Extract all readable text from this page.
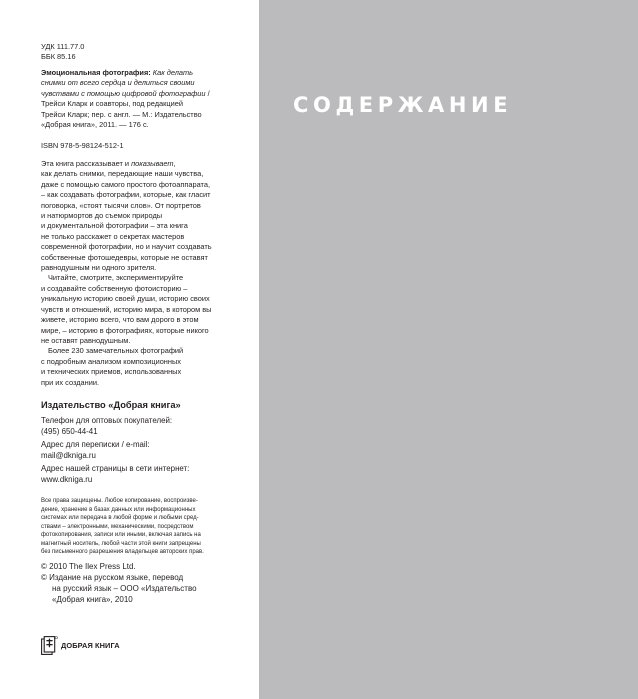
УДК 111.77.0
ББК 85.16
Эмоциональная фотография: Как делать
снимки от всего сердца и делиться своими
чувствами с помощью цифровой фотографии /
Трейси Кларк и соавторы, под редакцией
Трейси Кларк; пер. с англ. — М.: Издательство
«Добрая книга», 2011. — 176 с.
ISBN 978-5-98124-512-1
Эта книга рассказывает и показывает,
как делать снимки, передающие наши чувства,
даже с помощью самого простого фотоаппарата,
– как создавать фотографии, которые, как гласит
поговорка, «стоят тысячи слов». От портретов
и натюрмортов до съемок природы
и документальной фотографии – эта книга
не только расскажет о секретах мастеров
современной фотографии, но и научит создавать
собственные фотошедевры, которые не оставят
равнодушным ни одного зрителя.
Читайте, смотрите, экспериментируйте
и создавайте собственную фотоисторию –
уникальную историю своей души, историю своих
чувств и отношений, историю мира, в котором вы
живете, историю всего, что вам дорого в этом
мире, – историю в фотографиях, которые никого
не оставят равнодушным.
Более 230 замечательных фотографий
с подробным анализом композиционных
и технических приемов, использованных
при их создании.

Издательство «Добрая книга»

Телефон для оптовых покупателей:
(495) 650-44-41
Адрес для переписки / e-mail:
mail@dkniga.ru
Адрес нашей страницы в сети интернет:
www.dkniga.ru
Все права защищены. Любое копирование, воспроизве-
дение, хранение в базах данных или информационных
системах или передача в любой форме и любыми сред-
ствами – электронными, механическими, посредством
фотокопирования, записи или иными, включая запись на
магнитный носитель, любой части этой книги запрещены
без письменного разрешения владельцев авторских прав.
© 2010 The Ilex Press Ltd.
© Издание на русском языке, перевод
на русский язык – ООО «Издательство
«Добрая книга», 2010
ДОБРАЯ КНИГА
СОДЕРЖАНИЕ
